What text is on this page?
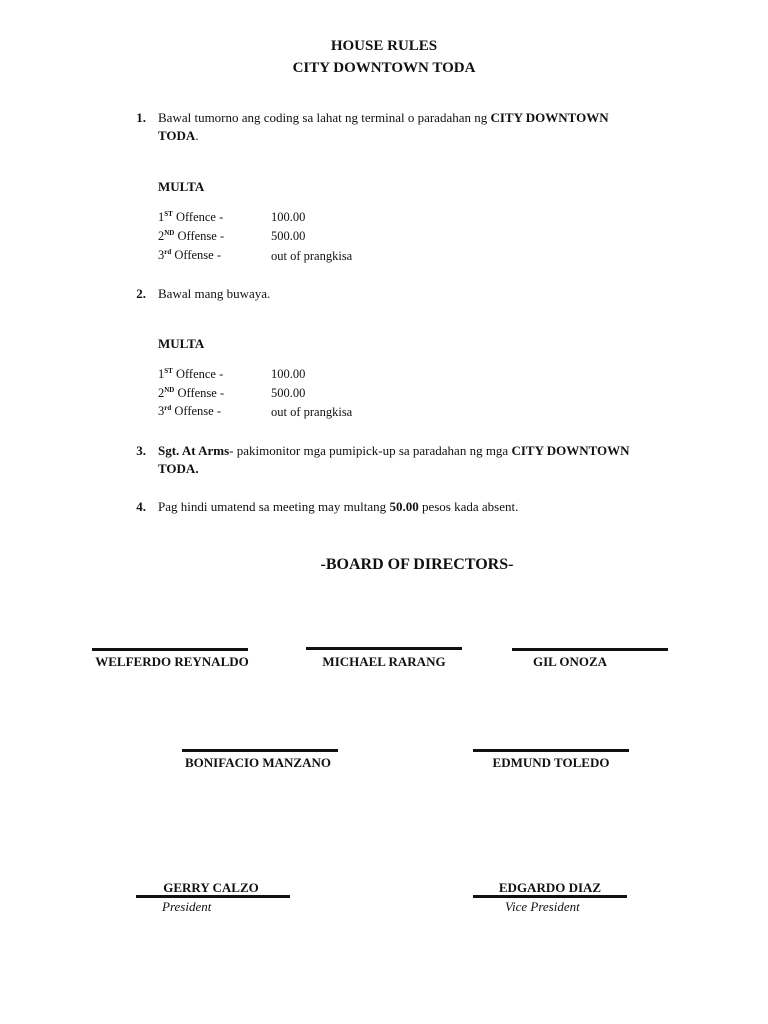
HOUSE RULES
CITY DOWNTOWN TODA
1. Bawal tumorno ang coding sa lahat ng terminal o paradahan ng CITY DOWNTOWN
TODA.
MULTA
1ST Offence -	100.00
2ND Offense -	500.00
3rd Offense -	out of prangkisa
2. Bawal mang buwaya.
MULTA
1ST Offence -	100.00
2ND Offense -	500.00
3rd Offense -	out of prangkisa
3. Sgt. At Arms- pakimonitor mga pumipick-up sa paradahan ng mga CITY DOWNTOWN
TODA.
4. Pag hindi umatend sa meeting may multang 50.00 pesos kada absent.
-BOARD OF DIRECTORS-
WELFERDO REYNALDO	MICHAEL RARANG	GIL ONOZA
BONIFACIO MANZANO	EDMUND TOLEDO
GERRY CALZO
President
EDGARDO DIAZ
Vice President
